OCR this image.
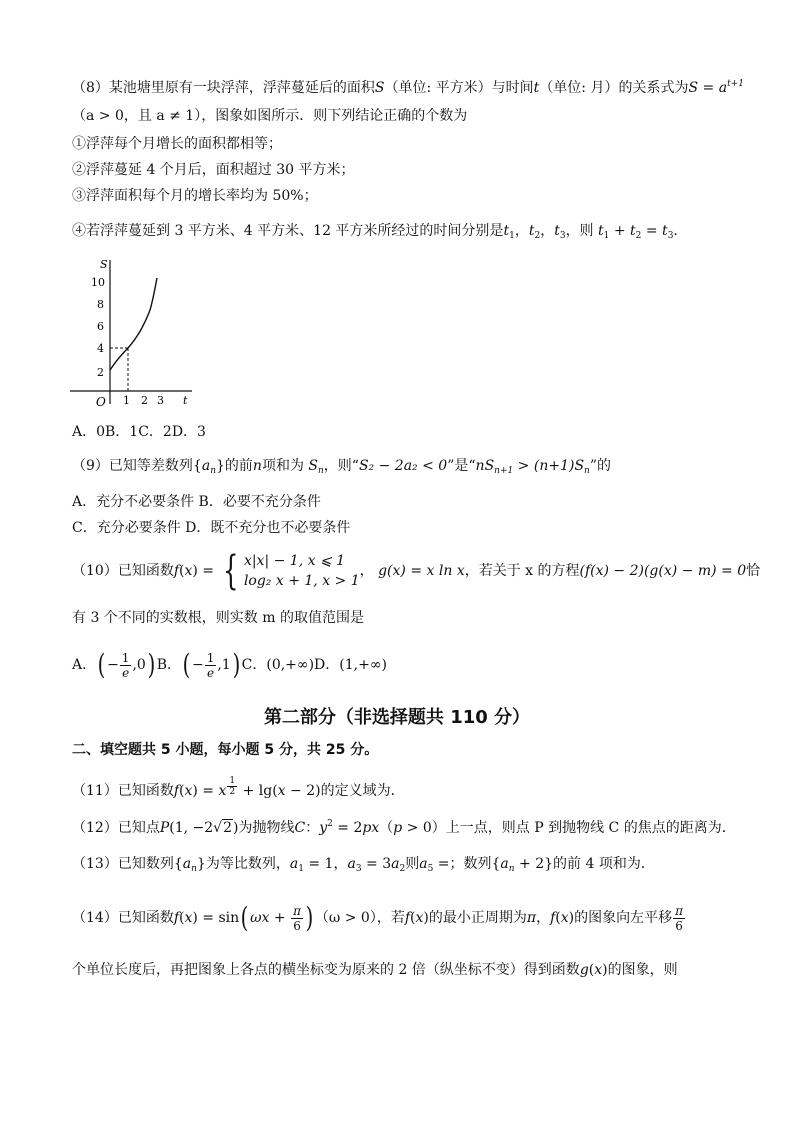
（8）某池塘里原有一块浮萍，浮萍蔓延后的面积S（单位: 平方米）与时间t（单位: 月）的关系式为$S = a^{t+1}$
（a > 0，且 a ≠ 1），图象如图所示．则下列结论正确的个数为
①浮萍每个月增长的面积都相等；
②浮萍蔓延 4 个月后，面积超过 30 平方米；
③浮萍面积每个月的增长率均为 50%；
④若浮萍蔓延到 3 平方米、4 平方米、12 平方米所经过的时间分别是$t_1$，$t_2$，$t_3$，则 $t_1 + t_2 = t_3$．
S
t
O
2
4
6
8
10
1 2 3
A．0B．1C．2D．3
（9）已知等差数列$\{a_n\}$的前n项和为 $S_n$，则“S₂ − 2a₂ < 0”是“$nS_{n+1} > (n+1)S_n$”的
A．充分不必要条件 B．必要不充分条件
C．充分必要条件 D．既不充分也不必要条件
（10）已知函数f(x) = { x|x| − 1, x ⩽ 1
log₂ x + 1, x > 1
， g(x) = x ln x，若关于 x 的方程(f(x) − 2)(g(x) − m) = 0恰
有 3 个不同的实数根，则实数 m 的取值范围是
A．( − $\frac{1}{e} ,0$) B．( − $\frac{1}{e} ,1$) C．(0,+∞)D．(1,+∞)
第二部分（非选择题共 110 分）
二、填空题共 5 小题，每小题 5 分，共 25 分。
（11）已知函数f(x) = x $^{\frac{1}{2}}$ + lg(x − 2)的定义域为．
（12）已知点P(1, −2√2)为抛物线C：$y^2 = 2px(p > 0)$上一点，则点 P 到抛物线 C 的焦点的距离为．
（13）已知数列$\{a_n\}$为等比数列，$a_1 = 1$，$a_3 = 3a_2$则$a_5$ =；数列$\{a_n + 2\}$的前 4 项和为．
（14）已知函数f(x) = sin( $\omega x + \frac{\pi}{6}$ ) （ω > 0），若f(x)的最小正周期为π，f(x)的图象向左平移 $\frac{\pi}{6}$
个单位长度后，再把图象上各点的横坐标变为原来的 2 倍（纵坐标不变）得到函数g(x)的图象，则
